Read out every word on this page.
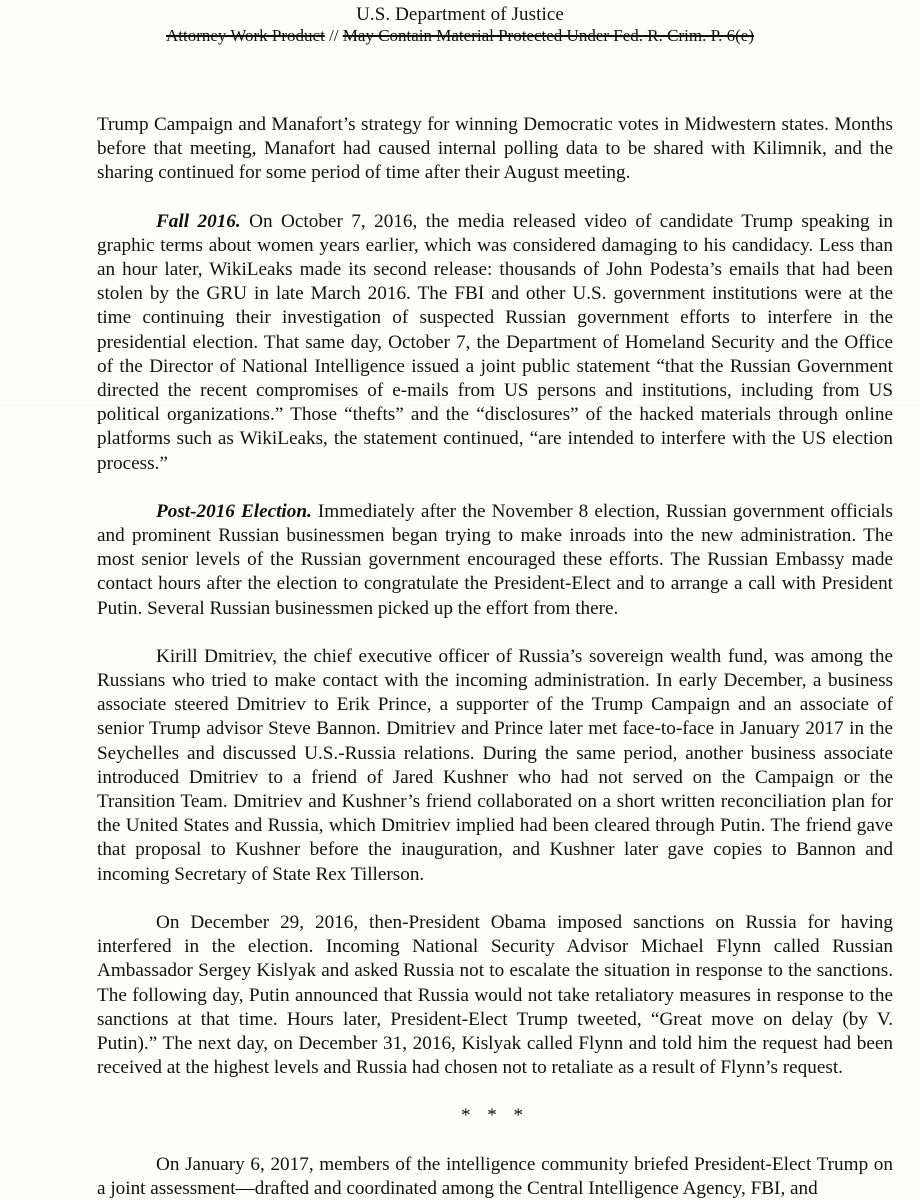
U.S. Department of Justice
Attorney Work Product // May Contain Material Protected Under Fed. R. Crim. P. 6(e)

Trump Campaign and Manafort’s strategy for winning Democratic votes in Midwestern states. Months before that meeting, Manafort had caused internal polling data to be shared with Kilimnik, and the sharing continued for some period of time after their August meeting.

Fall 2016. On October 7, 2016, the media released video of candidate Trump speaking in graphic terms about women years earlier, which was considered damaging to his candidacy. Less than an hour later, WikiLeaks made its second release: thousands of John Podesta’s emails that had been stolen by the GRU in late March 2016. The FBI and other U.S. government institutions were at the time continuing their investigation of suspected Russian government efforts to interfere in the presidential election. That same day, October 7, the Department of Homeland Security and the Office of the Director of National Intelligence issued a joint public statement “that the Russian Government directed the recent compromises of e-mails from US persons and institutions, including from US political organizations.” Those “thefts” and the “disclosures” of the hacked materials through online platforms such as WikiLeaks, the statement continued, “are intended to interfere with the US election process.”

Post-2016 Election. Immediately after the November 8 election, Russian government officials and prominent Russian businessmen began trying to make inroads into the new administration. The most senior levels of the Russian government encouraged these efforts. The Russian Embassy made contact hours after the election to congratulate the President-Elect and to arrange a call with President Putin. Several Russian businessmen picked up the effort from there.

Kirill Dmitriev, the chief executive officer of Russia’s sovereign wealth fund, was among the Russians who tried to make contact with the incoming administration. In early December, a business associate steered Dmitriev to Erik Prince, a supporter of the Trump Campaign and an associate of senior Trump advisor Steve Bannon. Dmitriev and Prince later met face-to-face in January 2017 in the Seychelles and discussed U.S.-Russia relations. During the same period, another business associate introduced Dmitriev to a friend of Jared Kushner who had not served on the Campaign or the Transition Team. Dmitriev and Kushner’s friend collaborated on a short written reconciliation plan for the United States and Russia, which Dmitriev implied had been cleared through Putin. The friend gave that proposal to Kushner before the inauguration, and Kushner later gave copies to Bannon and incoming Secretary of State Rex Tillerson.

On December 29, 2016, then-President Obama imposed sanctions on Russia for having interfered in the election. Incoming National Security Advisor Michael Flynn called Russian Ambassador Sergey Kislyak and asked Russia not to escalate the situation in response to the sanctions. The following day, Putin announced that Russia would not take retaliatory measures in response to the sanctions at that time. Hours later, President-Elect Trump tweeted, “Great move on delay (by V. Putin).” The next day, on December 31, 2016, Kislyak called Flynn and told him the request had been received at the highest levels and Russia had chosen not to retaliate as a result of Flynn’s request.

* * *

On January 6, 2017, members of the intelligence community briefed President-Elect Trump on a joint assessment—drafted and coordinated among the Central Intelligence Agency, FBI, and
